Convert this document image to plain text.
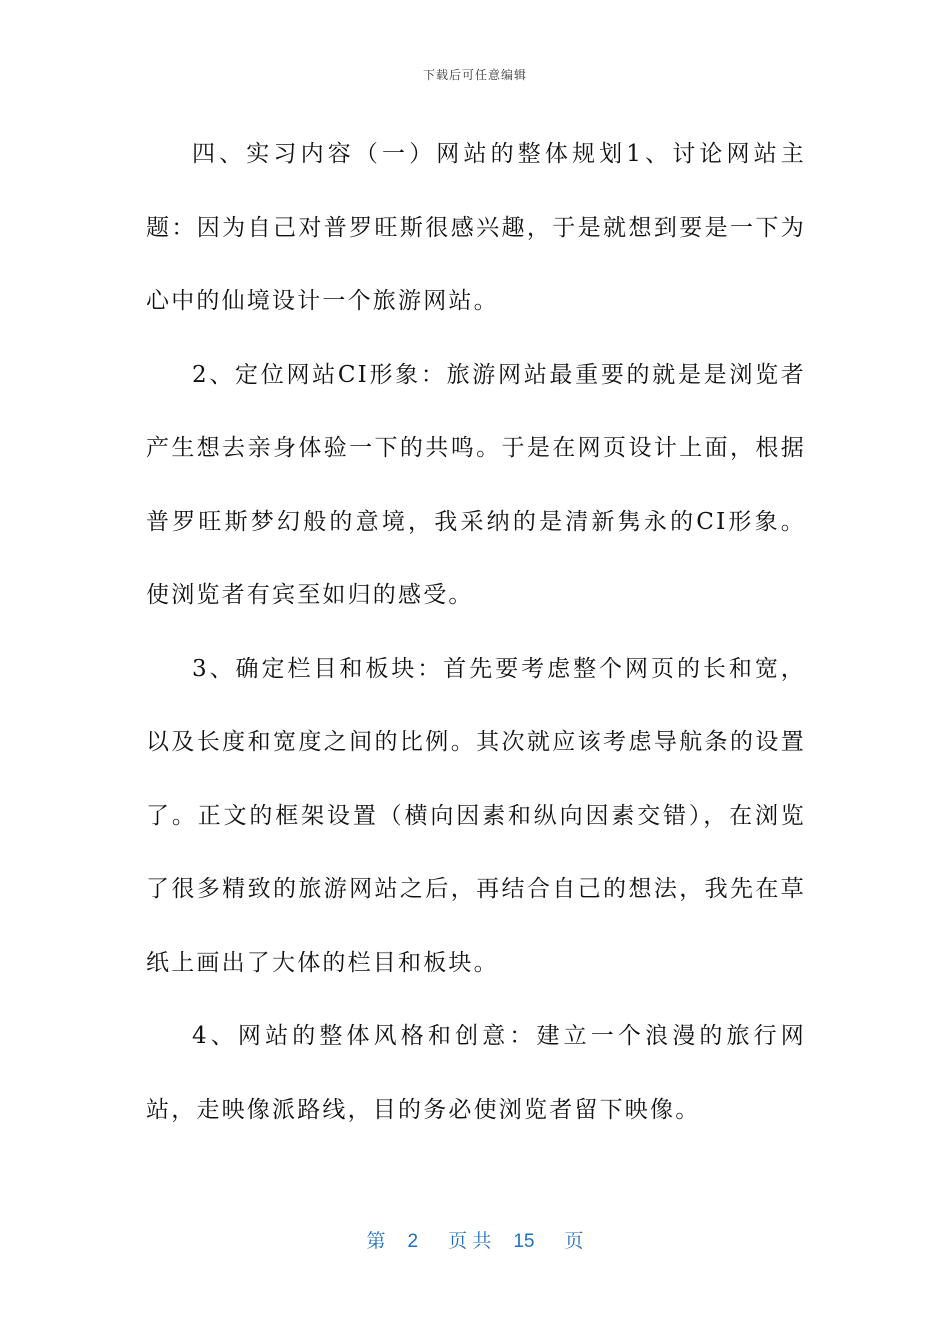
下载后可任意编辑

四、实习内容（一）网站的整体规划1、讨论网站主题：因为自己对普罗旺斯很感兴趣，于是就想到要是一下为心中的仙境设计一个旅游网站。

2、定位网站CI形象：旅游网站最重要的就是是浏览者产生想去亲身体验一下的共鸣。于是在网页设计上面，根据普罗旺斯梦幻般的意境，我采纳的是清新隽永的CI形象。使浏览者有宾至如归的感受。

3、确定栏目和板块：首先要考虑整个网页的长和宽，以及长度和宽度之间的比例。其次就应该考虑导航条的设置了。正文的框架设置（横向因素和纵向因素交错），在浏览了很多精致的旅游网站之后，再结合自己的想法，我先在草纸上画出了大体的栏目和板块。

4、网站的整体风格和创意：建立一个浪漫的旅行网站，走映像派路线，目的务必使浏览者留下映像。

第 2 页 共 15 页
